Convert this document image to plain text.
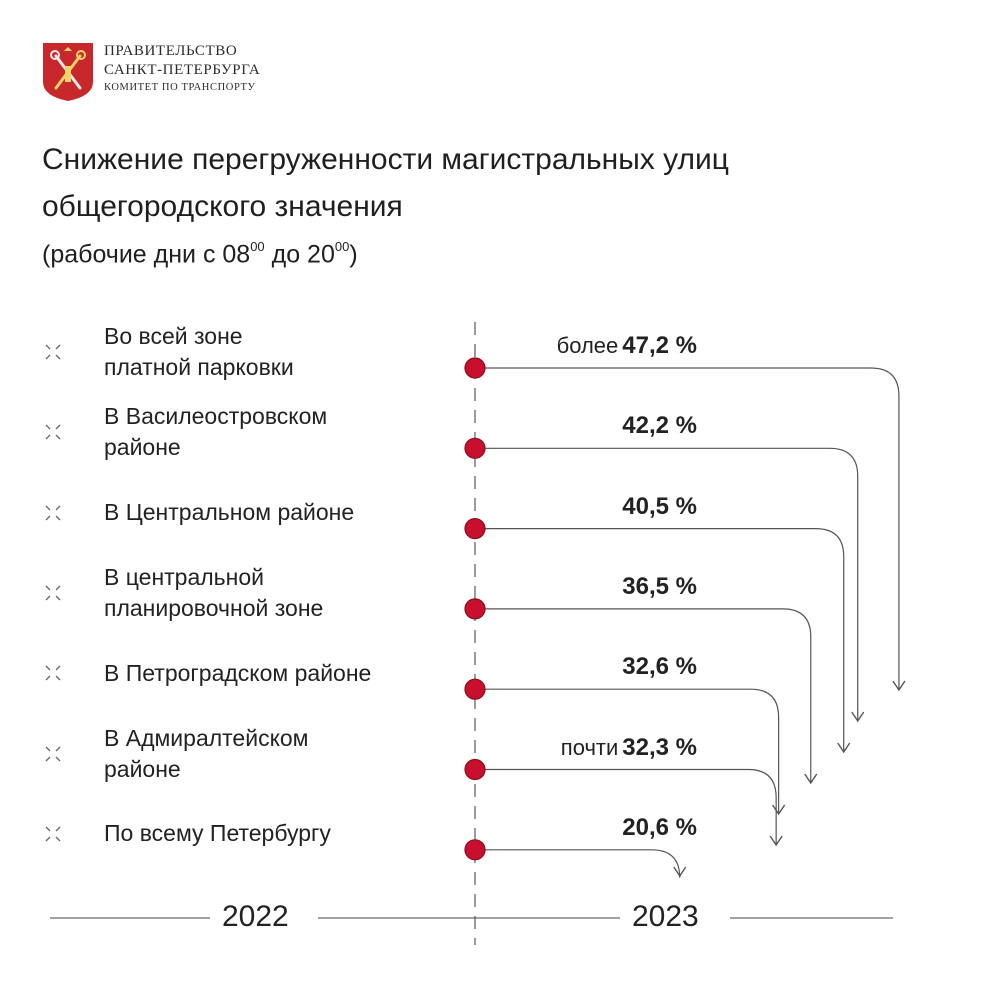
ПРАВИТЕЛЬСТВО
САНКТ-ПЕТЕРБУРГА
КОМИТЕТ ПО ТРАНСПОРТУ
Снижение перегруженности магистральных улиц общегородского значения
(рабочие дни с $08^{00}$ до $20^{00}$)
более 47,2 %
Во всей зоне
платной парковки
42,2 %
В Василеостровском
районе
40,5 %
В Центральном районе
36,5 %
В центральной
планировочной зоне
32,6 %
В Петроградском районе
почти 32,3 %
В Адмиралтейском
районе
20,6 %
По всему Петербургу
2022	2023
